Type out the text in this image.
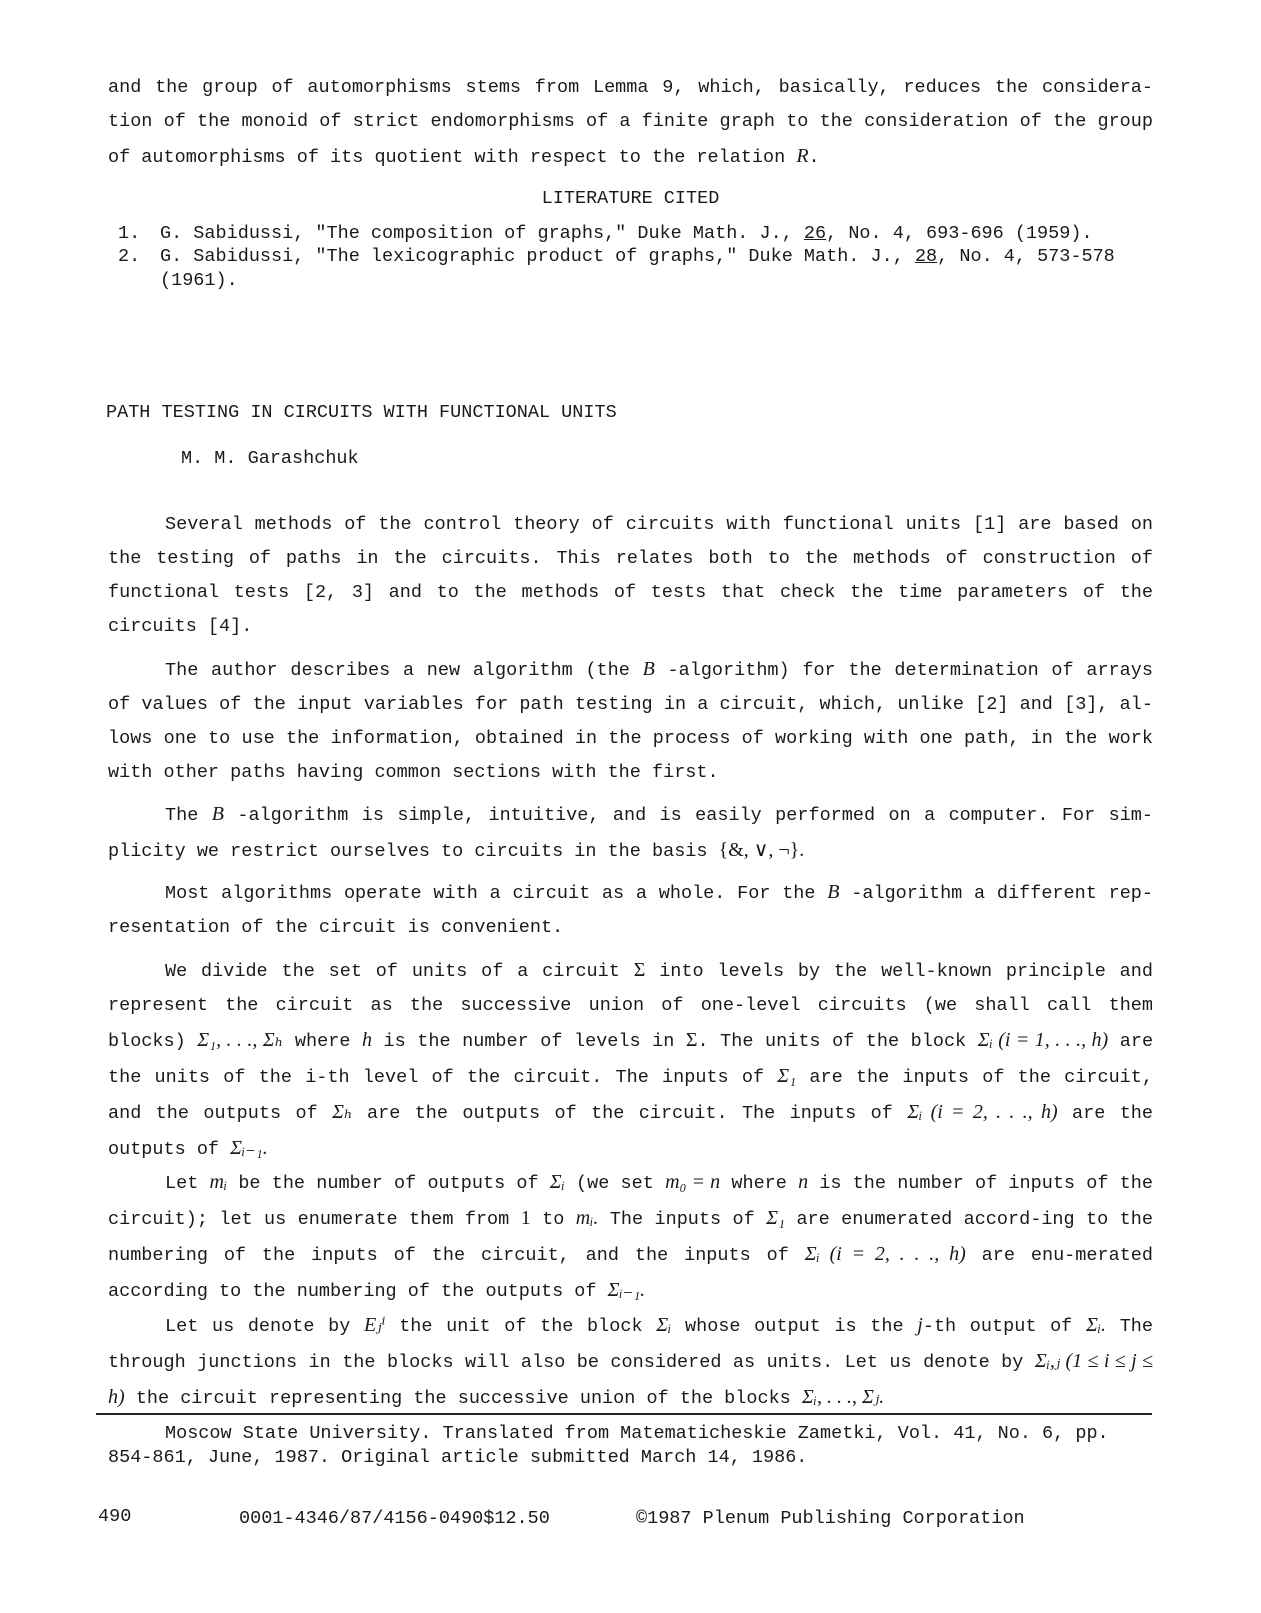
and the group of automorphisms stems from Lemma 9, which, basically, reduces the considera-tion of the monoid of strict endomorphisms of a finite graph to the consideration of the group of automorphisms of its quotient with respect to the relation R.

LITERATURE CITED

1. G. Sabidussi, "The composition of graphs," Duke Math. J., 26, No. 4, 693-696 (1959).
2. G. Sabidussi, "The lexicographic product of graphs," Duke Math. J., 28, No. 4, 573-578
(1961).

PATH TESTING IN CIRCUITS WITH FUNCTIONAL UNITS

M. M. Garashchuk

Several methods of the control theory of circuits with functional units [1] are based on the testing of paths in the circuits. This relates both to the methods of construction of functional tests [2, 3] and to the methods of tests that check the time parameters of the circuits [4].

The author describes a new algorithm (the B -algorithm) for the determination of arrays of values of the input variables for path testing in a circuit, which, unlike [2] and [3], al-lows one to use the information, obtained in the process of working with one path, in the work with other paths having common sections with the first.

The B -algorithm is simple, intuitive, and is easily performed on a computer. For sim-plicity we restrict ourselves to circuits in the basis {&, ∨, ¬}.

Most algorithms operate with a circuit as a whole. For the B -algorithm a different rep-resentation of the circuit is convenient.

We divide the set of units of a circuit Σ into levels by the well-known principle and represent the circuit as the successive union of one-level circuits (we shall call them blocks) Σ₁, . . ., Σₕ where h is the number of levels in Σ. The units of the block Σᵢ (i = 1, . . ., h) are the units of the i-th level of the circuit. The inputs of Σ₁ are the inputs of the circuit, and the outputs of Σₕ are the outputs of the circuit. The inputs of Σᵢ (i = 2, . . ., h) are the outputs of Σᵢ₋₁.

Let mᵢ be the number of outputs of Σᵢ (we set m₀ = n where n is the number of inputs of the circuit); let us enumerate them from 1 to mᵢ. The inputs of Σ₁ are enumerated accord-ing to the numbering of the inputs of the circuit, and the inputs of Σᵢ (i = 2, . . ., h) are enu-merated according to the numbering of the outputs of Σᵢ₋₁.

Let us denote by Eⱼⁱ the unit of the block Σᵢ whose output is the j-th output of Σᵢ. The through junctions in the blocks will also be considered as units. Let us denote by Σᵢ,ⱼ (1 ≤ i ≤ j ≤ h) the circuit representing the successive union of the blocks Σᵢ, . . ., Σⱼ.

Moscow State University. Translated from Matematicheskie Zametki, Vol. 41, No. 6, pp. 854-861, June, 1987. Original article submitted March 14, 1986.

490	0001-4346/87/4156-0490$12.50	©1987 Plenum Publishing Corporation
